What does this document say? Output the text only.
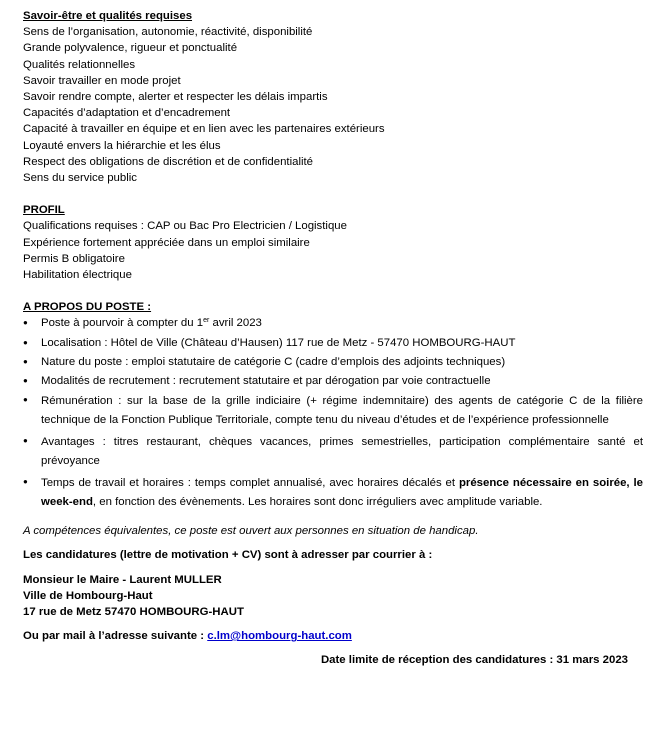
Savoir-être et qualités requises
Sens de l’organisation, autonomie, réactivité, disponibilité
Grande polyvalence, rigueur et ponctualité
Qualités relationnelles
Savoir travailler en mode projet
Savoir rendre compte, alerter et respecter les délais impartis
Capacités d’adaptation et d’encadrement
Capacité à travailler en équipe et en lien avec les partenaires extérieurs
Loyauté envers la hiérarchie et les élus
Respect des obligations de discrétion et de confidentialité
Sens du service public
PROFIL
Qualifications requises : CAP ou Bac Pro Electricien / Logistique
Expérience fortement appréciée dans un emploi similaire
Permis B obligatoire
Habilitation électrique
A PROPOS DU POSTE :
● Poste à pourvoir à compter du 1er avril 2023
● Localisation : Hôtel de Ville (Château d’Hausen) 117 rue de Metz - 57470 HOMBOURG-HAUT
● Nature du poste : emploi statutaire de catégorie C (cadre d’emplois des adjoints techniques)
● Modalités de recrutement : recrutement statutaire et par dérogation par voie contractuelle
● Rémunération : sur la base de la grille indiciaire (+ régime indemnitaire) des agents de catégorie C de la filière technique de la Fonction Publique Territoriale, compte tenu du niveau d’études et de l’expérience professionnelle
● Avantages : titres restaurant, chèques vacances, primes semestrielles, participation complémentaire santé et prévoyance
● Temps de travail et horaires : temps complet annualisé, avec horaires décalés et présence nécessaire en soirée, le week-end, en fonction des évènements. Les horaires sont donc irréguliers avec amplitude variable.
A compétences équivalentes, ce poste est ouvert aux personnes en situation de handicap.
Les candidatures (lettre de motivation + CV) sont à adresser par courrier à :
Monsieur le Maire - Laurent MULLER
Ville de Hombourg-Haut
17 rue de Metz 57470 HOMBOURG-HAUT
Ou par mail à l’adresse suivante : c.lm@hombourg-haut.com
Date limite de réception des candidatures : 31 mars 2023
